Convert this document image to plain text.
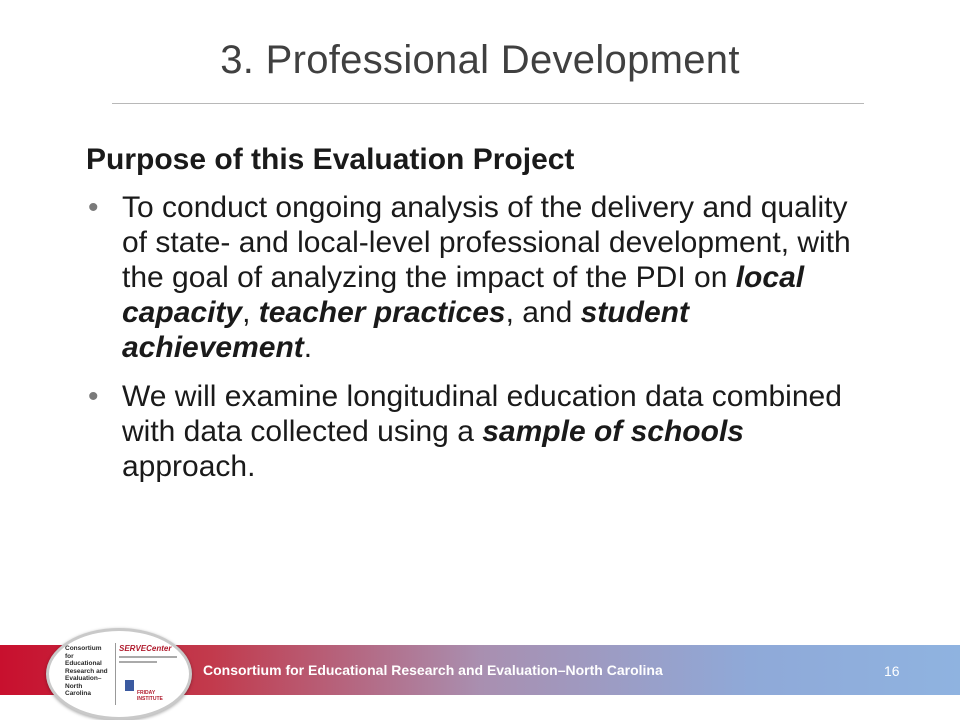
3. Professional Development
Purpose of this Evaluation Project
• To conduct ongoing analysis of the delivery and quality of state- and local-level professional development, with the goal of analyzing the impact of the PDI on local capacity, teacher practices, and student achievement.
• We will examine longitudinal education data combined with data collected using a sample of schools approach.
Consortium for Educational Research and Evaluation–North Carolina	16
Consortium for
Educational
Research and
Evaluation–
North
Carolina
SERVECenter
FRIDAY INSTITUTE
